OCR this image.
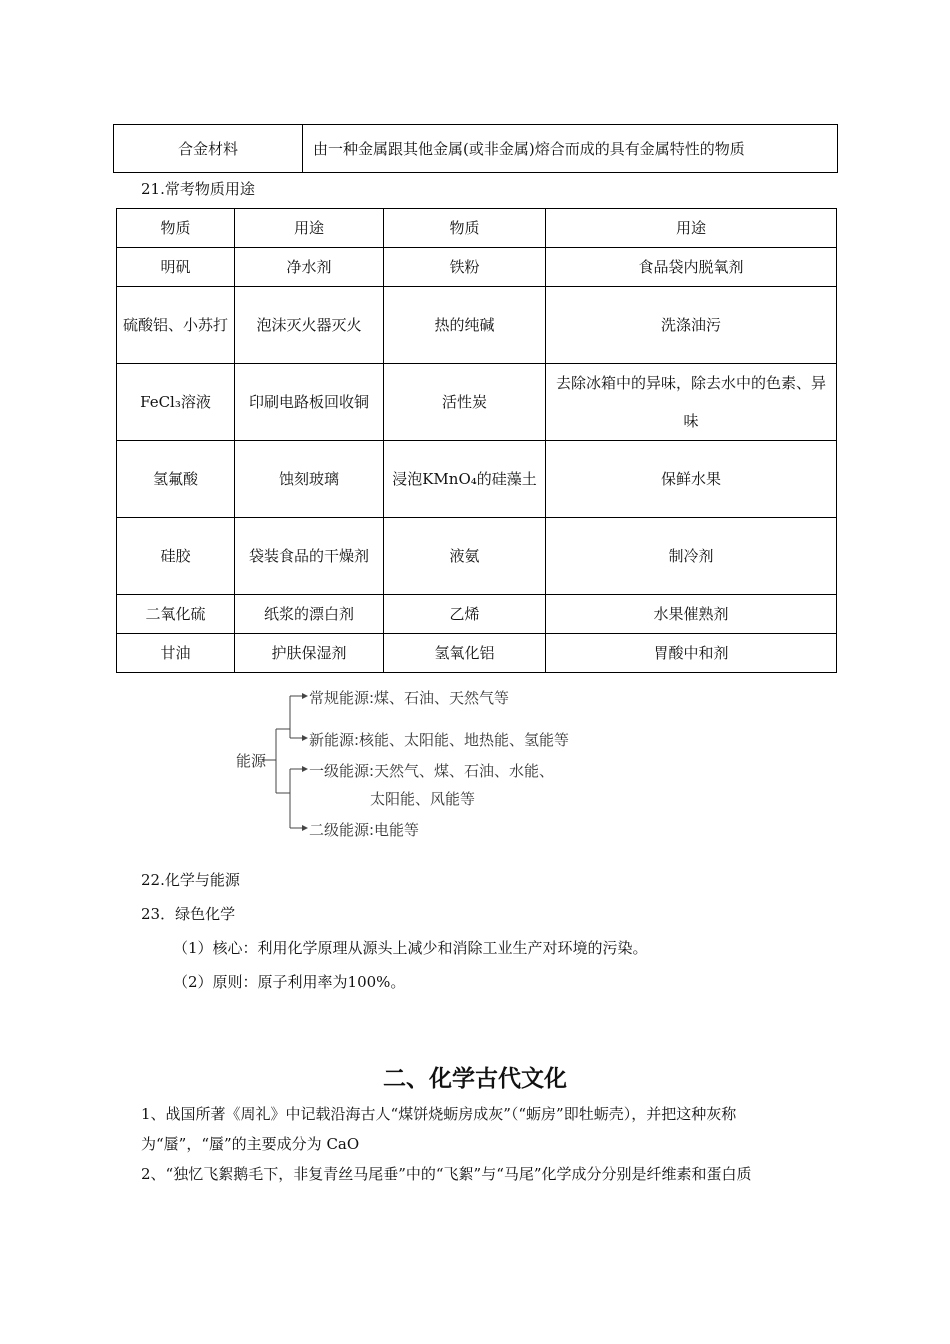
合金材料	由一种金属跟其他金属(或非金属)熔合而成的具有金属特性的物质
21.常考物质用途
物质	用途	物质	用途
明矾	净水剂	铁粉	食品袋内脱氧剂
硫酸铝、小苏打	泡沫灭火器灭火	热的纯碱	洗涤油污
FeCl₃溶液	印刷电路板回收铜	活性炭	去除冰箱中的异味，除去水中的色素、异味
氢氟酸	蚀刻玻璃	浸泡KMnO₄的硅藻土	保鲜水果
硅胶	袋装食品的干燥剂	液氨	制冷剂
二氧化硫	纸浆的漂白剂	乙烯	水果催熟剂
甘油	护肤保湿剂	氢氧化铝	胃酸中和剂
能源
常规能源:煤、石油、天然气等
新能源:核能、太阳能、地热能、氢能等
一级能源:天然气、煤、石油、水能、
太阳能、风能等
二级能源:电能等
22.化学与能源
23．绿色化学
（1）核心：利用化学原理从源头上减少和消除工业生产对环境的污染。
（2）原则：原子利用率为100%。
二、化学古代文化
1、战国所著《周礼》中记载沿海古人“煤饼烧蛎房成灰”（“蛎房”即牡蛎壳），并把这种灰称为“蜃”，“蜃”的主要成分为 CaO
2、“独忆飞絮鹅毛下，非复青丝马尾垂”中的“飞絮”与“马尾”化学成分分别是纤维素和蛋白质
